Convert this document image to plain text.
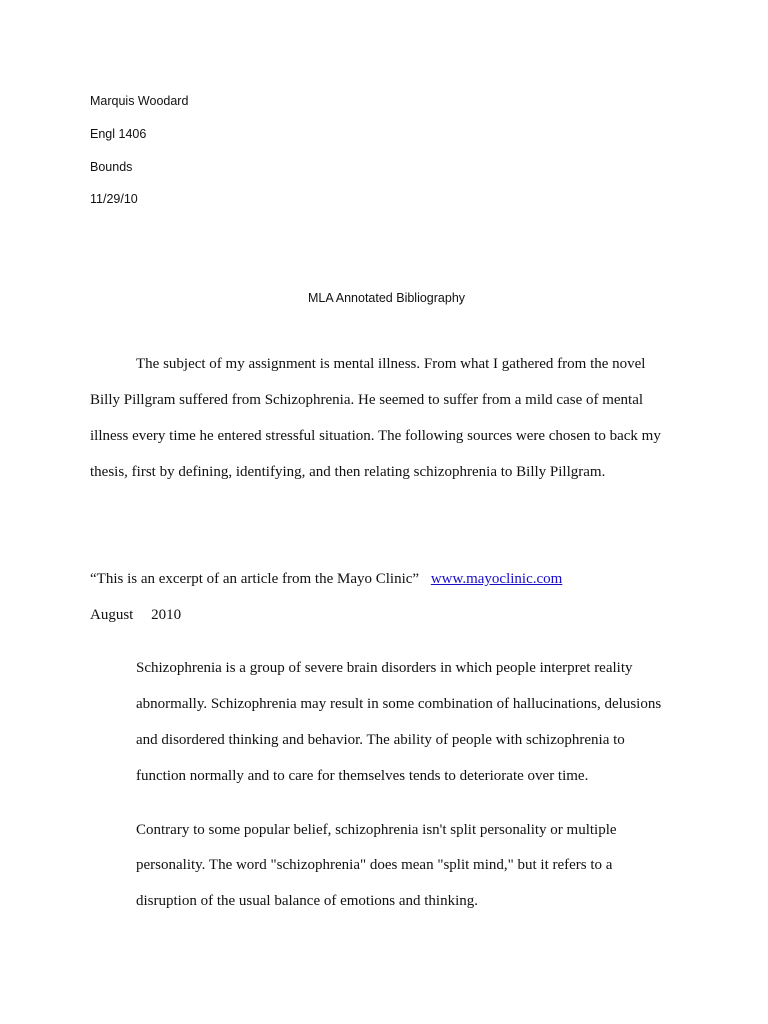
Marquis Woodard
Engl 1406
Bounds
11/29/10
MLA Annotated Bibliography
The subject of my assignment is mental illness. From what I gathered from the novel
Billy Pillgram suffered from Schizophrenia. He seemed to suffer from a mild case of mental
illness every time he entered stressful situation. The following sources were chosen to back my
thesis, first by defining, identifying, and then relating schizophrenia to Billy Pillgram.
“This is an excerpt of an article from the Mayo Clinic” www.mayoclinic.com
August 2010
Schizophrenia is a group of severe brain disorders in which people interpret reality
abnormally. Schizophrenia may result in some combination of hallucinations, delusions
and disordered thinking and behavior. The ability of people with schizophrenia to
function normally and to care for themselves tends to deteriorate over time.
Contrary to some popular belief, schizophrenia isn't split personality or multiple
personality. The word "schizophrenia" does mean "split mind," but it refers to a
disruption of the usual balance of emotions and thinking.
